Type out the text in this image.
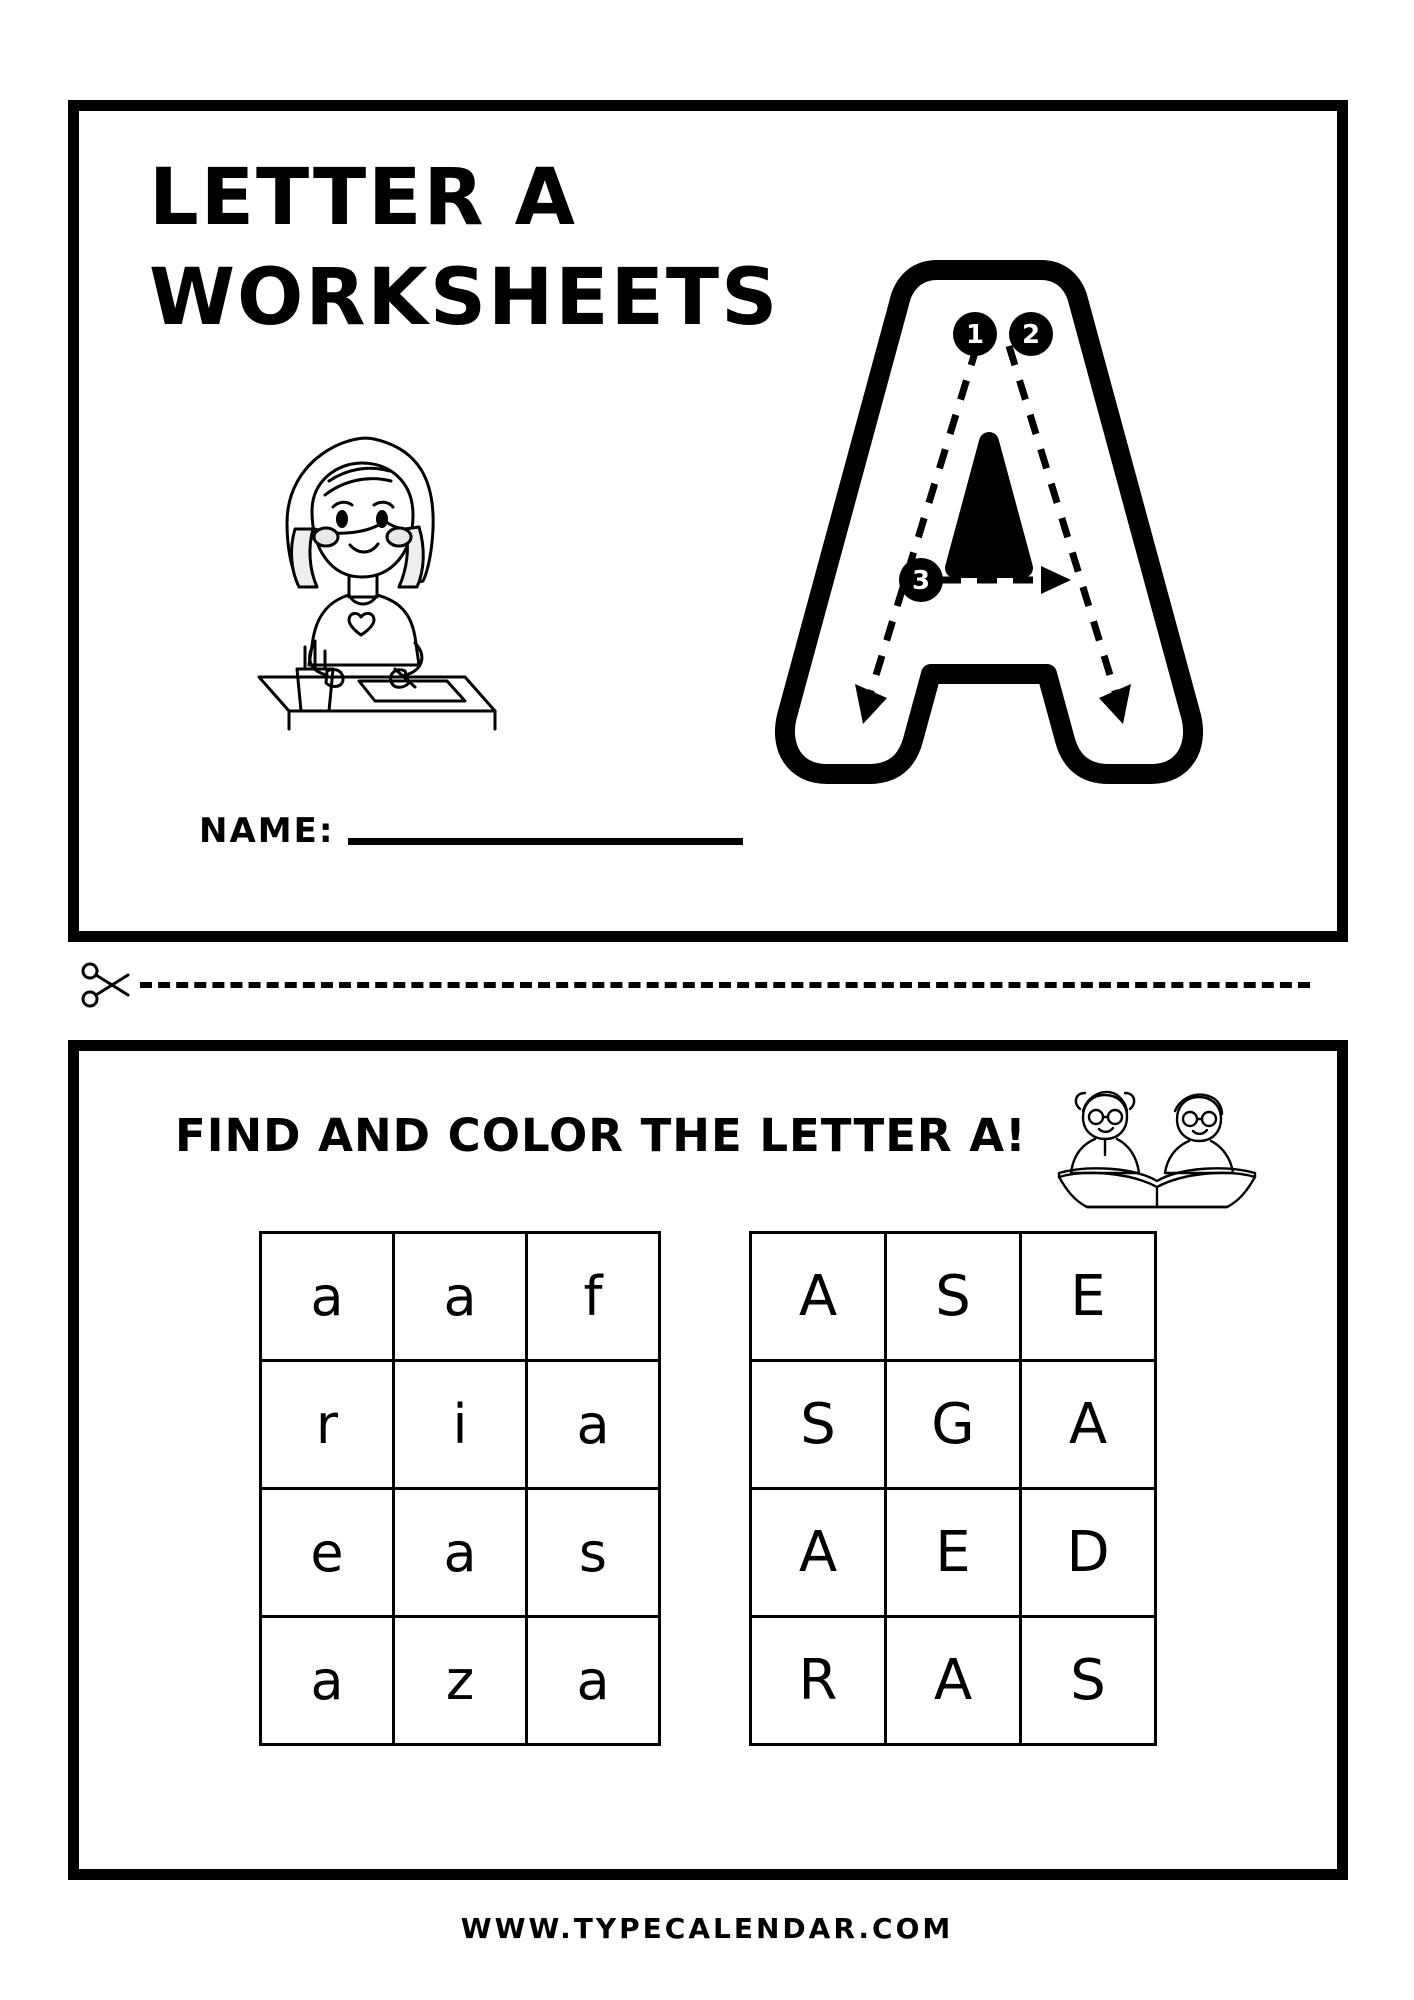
LETTER A
WORKSHEETS	1 2
3
NAME:
FIND AND COLOR THE LETTER A!
a	a	f
r	i	a
e	a	s
a	z	a
A	S	E
S	G	A
A	E	D
R	A	S
WWW.TYPECALENDAR.COM
